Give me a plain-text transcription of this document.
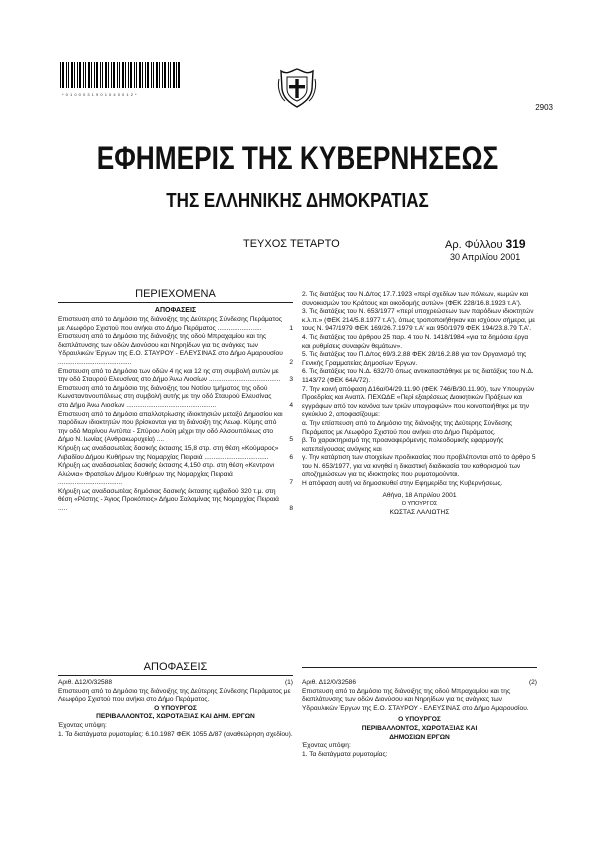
* 0 1 0 0 0 3 1 9 0 1 0 4 0 0 1 2 *
2903
ΕΦΗΜΕΡΙΣ ΤΗΣ ΚΥΒΕΡΝΗΣΕΩΣ
ΤΗΣ ΕΛΛΗΝΙΚΗΣ ΔΗΜΟΚΡΑΤΙΑΣ
ΤΕΥΧΟΣ ΤΕΤΑΡΤΟ	Αρ. Φύλλου 319
30 Απριλίου 2001
ΠΕΡΙΕΧΟΜΕΝΑ
ΑΠΟΦΑΣΕΙΣ
Επιστευση από το Δημόσιο της διάνοιξης της Δεύτερης Σύνδεσης Περάματος με Λεωφόρο Σχιστού που ανήκει στο Δήμο Περάματος ........................	1
Επιστευση από το Δημόσιο της διάνοιξης της οδού Μπραχαμίου και της διαπλάτυνσης των οδών Διονύσου και Νηρηίδων για τις ανάγκες των Υδραυλικών Έργων της Ε.Ο. ΣΤΑΥΡΟΥ - ΕΛΕΥΣΙΝΑΣ στο Δήμο Αμαρουσίου ........................................	2
Επιστευση από το Δημόσιο των οδών 4 ης και 12 ης στη συμβολή αυτών με την οδό Σταυρού Ελευσίνας στο Δήμο Άνω Λιοσίων ....................................... 3
Επιστευση από το Δημόσιο της διάνοιξης του Νοτίου τμήματος της οδού Κωνσταντινουπόλεως στη συμβολή αυτής με την οδό Σταυρού Ελευσίνας στο Δήμο Άνω Λιοσίων .................................................	4
Επιστευση από το Δημόσιο απαλλοτρίωσης ιδιοκτησιών μεταξύ Δημοσίου και παρόδιων ιδιοκτητών που βρίσκονται για τη διάνοιξη της Λεωφ. Κύμης από την οδό Μαρίνου Αντύπα - Σπύρου Λούη μέχρι την οδό Αλσουπόλεως στο Δήμο Ν. Ιωνίας (Ανθρακωρυχεία) ....	5
Κήρυξη ως αναδασωτέας δασικής έκτασης 15,8 στρ. στη θέση «Κούμαρος» Λιβαδίου Δήμου Κυθήρων της Νομαρχίας Πειραιά ...................................	6
Κήρυξη ως αναδασωτέας δασικής έκτασης 4,150 στρ. στη θέση «Κεντρονι Αλώνια» Φρατσίων Δήμου Κυθήρων της Νομαρχίας Πειραιά ...................................	7
Κήρυξη ως αναδασωτέας δημόσιας δασικής έκτασης εμβαδού 320 τ.μ. στη θέση «Ρέστης - Άγιος Προκόπιος» Δήμου Σαλαμίνας της Νομαρχίας Πειραιά .....	8

2. Τις διατάξεις του Ν.Δ/τος 17.7.1923 «περί σχεδίων των πόλεων, κωμών και συνοικισμών του Κράτους και οικοδομής αυτών» (ΦΕΚ 228/16.8.1923 τ.Α').

3. Τις διατάξεις του Ν. 653/1977 «περί υποχρεώσεων των παρόδιων ιδιοκτητών κ.λ.π.» (ΦΕΚ 214/5.8.1977 τ.Α'), όπως τροποποιήθηκαν και ισχύουν σήμερα, με τους Ν. 947/1979 ΦΕΚ 169/26.7.1979 τ.Α' και 950/1979 ΦΕΚ 194/23.8.79 Τ.Α'.

4. Τις διατάξεις του άρθρου 25 παρ. 4 του Ν. 1418/1984 «για τα δημόσια έργα και ρυθμίσεις συναφών θεμάτων».

5. Τις διατάξεις του Π.Δ/τος 69/3.2.88 ΦΕΚ 28/16.2.88 για τον Οργανισμό της Γενικής Γραμματείας Δημοσίων Έργων.

6. Τις διατάξεις του Ν.Δ. 632/70 όπως αντικαταστάθηκε με τις διατάξεις του Ν.Δ. 1143/72 (ΦΕΚ 64Α/72).

7. Την κοινή απόφαση Δ16α/04/29.11.90 (ΦΕΚ 746/Β/30.11.90), των Υπουργών Προεδρίας και Αναπλ. ΠΕΧΩΔΕ «Περί εξαιρέσεως Διοικητικών Πράξεων και εγγράφων από τον κανόνα των τριών υπογραφών» που κοινοποιήθηκε με την εγκύκλιο 2, αποφασίζουμε:

α. Την επίσπευση από το Δημόσιο της διάνοιξης της Δεύτερης Σύνδεσης Περάματος με Λεωφόρο Σχιστού που ανήκει στο Δήμο Περάματος.

β. Το χαρακτηρισμό της προαναφερόμενης πολεοδομικής εφαρμογής κατεπείγουσας ανάγκης και

γ. Την κατάρτιση των στοιχείων προδικασίας που προβλέπονται από το άρθρο 5 του Ν. 653/1977, για να κινηθεί η δικαστική διαδικασία του καθορισμού των αποζημιώσεων για τις ιδιοκτησίες που ρυμοτομούνται.

Η απόφαση αυτή να δημοσιευθεί στην Εφημερίδα της Κυβερνήσεως.

Αθήνα, 18 Απριλίου 2001

Ο ΥΠΟΥΡΓΟΣ

ΚΩΣΤΑΣ ΛΑΛΙΩΤΗΣ

ΑΠΟΦΑΣΕΙΣ
Αριθ. Δ12/0/32588	(1)

Επιστευση από το Δημόσιο της διάνοιξης της Δεύτερης Σύνδεσης Περάματος με Λεωφόρο Σχιστού που ανήκει στο Δήμο Περάματος.

Ο ΥΠΟΥΡΓΟΣ

ΠΕΡΙΒΑΛΛΟΝΤΟΣ, ΧΩΡΟΤΑΞΙΑΣ ΚΑΙ ΔΗΜ. ΕΡΓΩΝ

Έχοντας υπόψη:

1. Τα διατάγματα ρυμοτομίας: 6.10.1987 ΦΕΚ 1055 Δ/87 (αναθεώρηση σχεδίου).

Αριθ. Δ12/0/32586	(2)

Επιστευση από το Δημόσιο της διάνοιξης της οδού Μπραχαμίου και της διαπλάτυνσης των οδών Διονύσου και Νηρηίδων για τις ανάγκες των Υδραυλικών Έργων της Ε.Ο. ΣΤΑΥΡΟΥ - ΕΛΕΥΣΙΝΑΣ στο Δήμο Αμαρουσίου.

Ο ΥΠΟΥΡΓΟΣ

ΠΕΡΙΒΑΛΛΟΝΤΟΣ, ΧΩΡΟΤΑΞΙΑΣ ΚΑΙ

ΔΗΜΟΣΙΩΝ ΕΡΓΩΝ

Έχοντας υπόψη:

1. Τα διατάγματα ρυμοτομίας:
